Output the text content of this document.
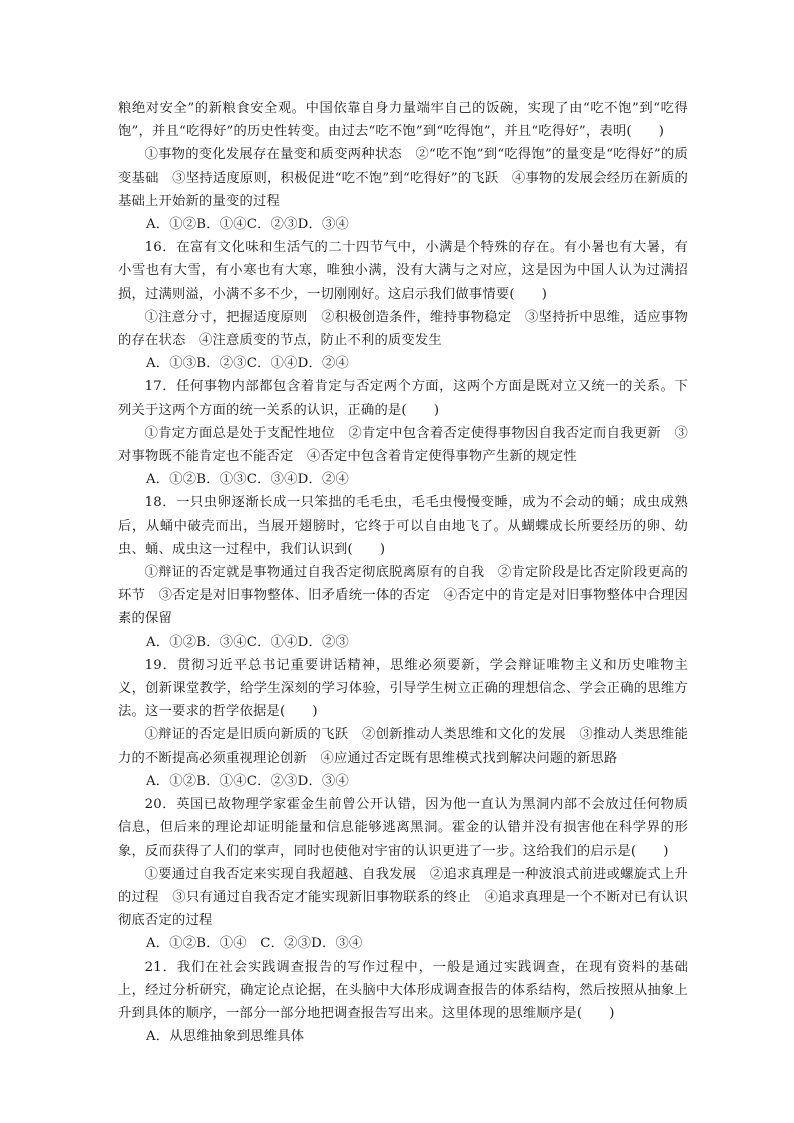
粮绝对安全”的新粮食安全观。中国依靠自身力量端牢自己的饭碗，实现了由“吃不饱”到“吃得饱”，并且“吃得好”的历史性转变。由过去“吃不饱”到“吃得饱”，并且“吃得好”，表明(　　)

①事物的变化发展存在量变和质变两种状态　②“吃不饱”到“吃得饱”的量变是“吃得好”的质变基础　③坚持适度原则，积极促进“吃不饱”到“吃得好”的飞跃　④事物的发展会经历在新质的基础上开始新的量变的过程

A．①②B．①④C．②③D．③④

16．在富有文化味和生活气的二十四节气中，小满是个特殊的存在。有小暑也有大暑，有小雪也有大雪，有小寒也有大寒，唯独小满，没有大满与之对应，这是因为中国人认为过满招损，过满则溢，小满不多不少，一切刚刚好。这启示我们做事情要(　　)

①注意分寸，把握适度原则　②积极创造条件，维持事物稳定　③坚持折中思维，适应事物的存在状态　④注意质变的节点，防止不利的质变发生

A．①③B．②③C．①④D．②④

17．任何事物内部都包含着肯定与否定两个方面，这两个方面是既对立又统一的关系。下列关于这两个方面的统一关系的认识，正确的是(　　)

①肯定方面总是处于支配性地位　②肯定中包含着否定使得事物因自我否定而自我更新　③对事物既不能肯定也不能否定　④否定中包含着肯定使得事物产生新的规定性

A．①②B．①③C．③④D．②④

18．一只虫卵逐渐长成一只笨拙的毛毛虫，毛毛虫慢慢变睡，成为不会动的蛹；成虫成熟后，从蛹中破壳而出，当展开翅膀时，它终于可以自由地飞了。从蝴蝶成长所要经历的卵、幼虫、蛹、成虫这一过程中，我们认识到(　　)

①辩证的否定就是事物通过自我否定彻底脱离原有的自我　②肯定阶段是比否定阶段更高的环节　③否定是对旧事物整体、旧矛盾统一体的否定　④否定中的肯定是对旧事物整体中合理因素的保留

A．①②B．③④C．①④D．②③

19．贯彻习近平总书记重要讲话精神，思维必须要新，学会辩证唯物主义和历史唯物主义，创新课堂教学，给学生深刻的学习体验，引导学生树立正确的理想信念、学会正确的思维方法。这一要求的哲学依据是(　　)

①辩证的否定是旧质向新质的飞跃　②创新推动人类思维和文化的发展　③推动人类思维能力的不断提高必须重视理论创新　④应通过否定既有思维模式找到解决问题的新思路

A．①②B．①④C．②③D．③④

20．英国已故物理学家霍金生前曾公开认错，因为他一直认为黑洞内部不会放过任何物质信息，但后来的理论却证明能量和信息能够逃离黑洞。霍金的认错并没有损害他在科学界的形象，反而获得了人们的掌声，同时也使他对宇宙的认识更进了一步。这给我们的启示是(　　)

①要通过自我否定来实现自我超越、自我发展　②追求真理是一种波浪式前进或螺旋式上升的过程　③只有通过自我否定才能实现新旧事物联系的终止　④追求真理是一个不断对已有认识彻底否定的过程

A．①②B．①④　C．②③D．③④

21．我们在社会实践调查报告的写作过程中，一般是通过实践调查，在现有资料的基础上，经过分析研究，确定论点论据，在头脑中大体形成调查报告的体系结构，然后按照从抽象上升到具体的顺序，一部分一部分地把调查报告写出来。这里体现的思维顺序是(　　)

A．从思维抽象到思维具体
